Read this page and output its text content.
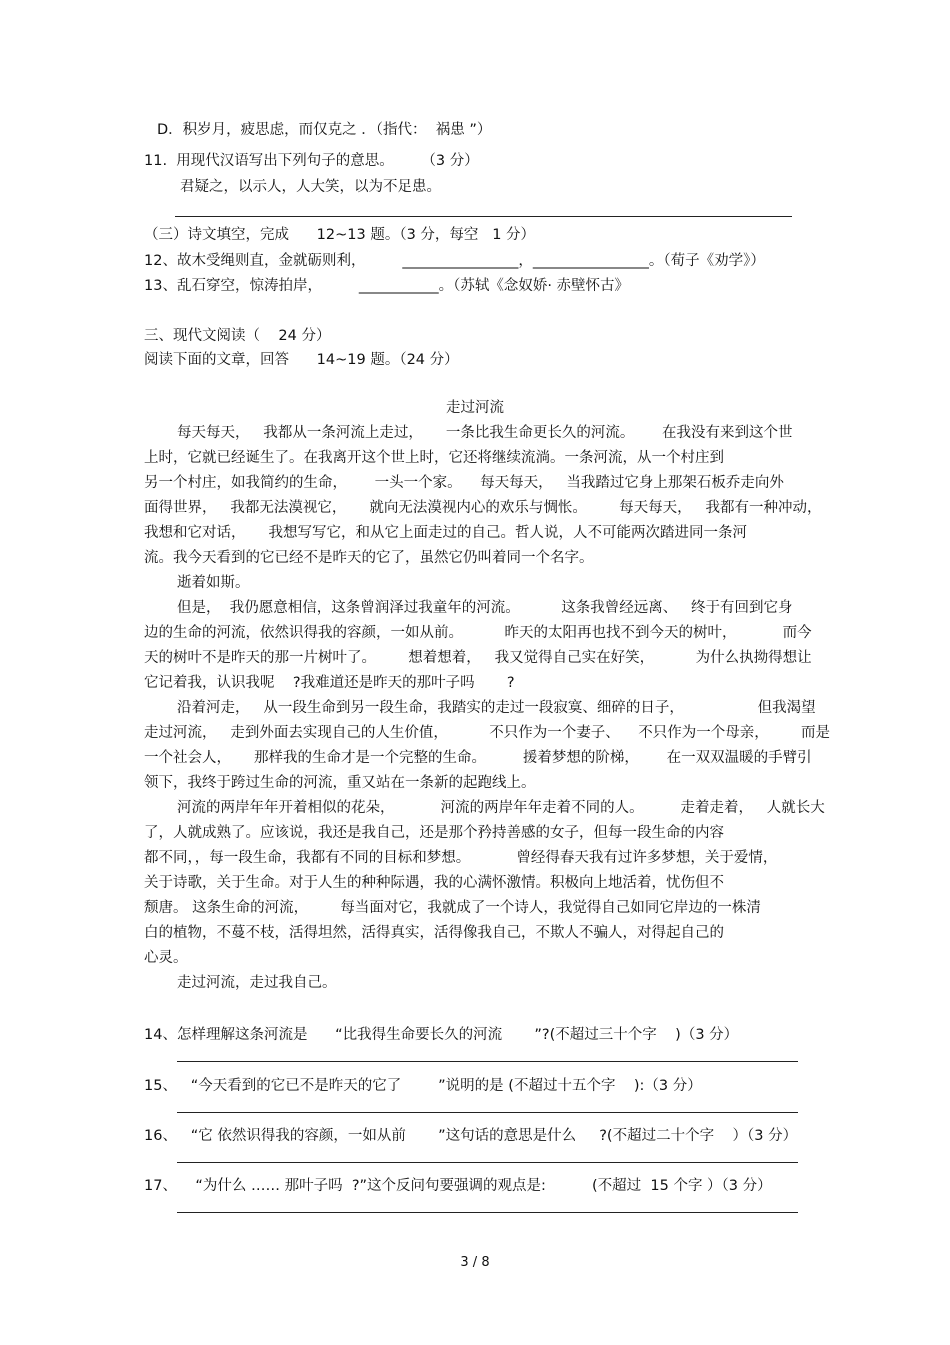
D．积岁月，疲思虑，而仅克之 ．（指代：  祸患 ”）
11.  用现代汉语写出下列句子的意思。      （3 分）
君疑之，以示人，人大笑，以为不足患。
（三）诗文填空，完成      12~13 题。（3 分，每空   1 分）
12、故木受绳则直，金就砺则利，        ________________，________________。（荀子《劝学》）
13、乱石穿空，惊涛拍岸，        ___________。（苏轼《念奴娇· 赤壁怀古》
三、现代文阅读（    24 分）
阅读下面的文章，回答      14~19 题。（24 分）
走过河流
每天每天，   我都从一条河流上走过，     一条比我生命更长久的河流。      在我没有来到这个世
上时，它就已经诞生了。在我离开这个世上时，它还将继续流淌。一条河流，从一个村庄到
另一个村庄，如我简约的生命，      一头一个家。    每天每天，   当我踏过它身上那架石板乔走向外
面得世界，   我都无法漠视它，     就向无法漠视内心的欢乐与惆怅。       每天每天，   我都有一种冲动，
我想和它对话，     我想写写它，和从它上面走过的自己。哲人说，人不可能两次踏进同一条河
流。我今天看到的它已经不是昨天的它了，虽然它仍叫着同一个名字。
逝着如斯。
但是，  我仍愿意相信，这条曾润泽过我童年的河流。         这条我曾经远离、   终于有回到它身
边的生命的河流，依然识得我的容颜，一如从前。         昨天的太阳再也找不到今天的树叶，          而今
天的树叶不是昨天的那一片树叶了。       想着想着，   我又觉得自己实在好笑，         为什么执拗得想让
它记着我，认识我呢    ?我难道还是昨天的那叶子吗       ?
沿着河走，   从一段生命到另一段生命，我踏实的走过一段寂寞、细碎的日子，                但我渴望
走过河流，   走到外面去实现自己的人生价值，         不只作为一个妻子、    不只作为一个母亲，       而是
一个社会人，     那样我的生命才是一个完整的生命。        援着梦想的阶梯，      在一双双温暖的手臂引
领下，我终于跨过生命的河流，重又站在一条新的起跑线上。
河流的两岸年年开着相似的花朵，          河流的两岸年年走着不同的人。        走着走着，   人就长大
了，人就成熟了。应该说，我还是我自己，还是那个矜持善感的女子，但每一段生命的内容
都不同，，每一段生命，我都有不同的目标和梦想。          曾经得春天我有过许多梦想，关于爱情，
关于诗歌，关于生命。对于人生的种种际遇，我的心满怀激情。积极向上地活着，忧伤但不
颓唐。 这条生命的河流，       每当面对它，我就成了一个诗人，我觉得自己如同它岸边的一株清
白的植物，不蔓不枝，活得坦然，活得真实，活得像我自己，不欺人不骗人，对得起自己的
心灵。
走过河流，走过我自己。
14、怎样理解这条河流是      “比我得生命要长久的河流       ”?(不超过三十个字    )（3 分）
15、   “今天看到的它已不是昨天的它了        ”说明的是 (不超过十五个字    ):（3 分）
16、   “它 依然识得我的容颜，一如从前       ”这句话的意思是什么     ?(不超过二十个字    ）（3 分）
17、    “为什么 …… 那叶子吗  ?”这个反问句要强调的观点是:          (不超过  15 个字 ）（3 分）
3 / 8
